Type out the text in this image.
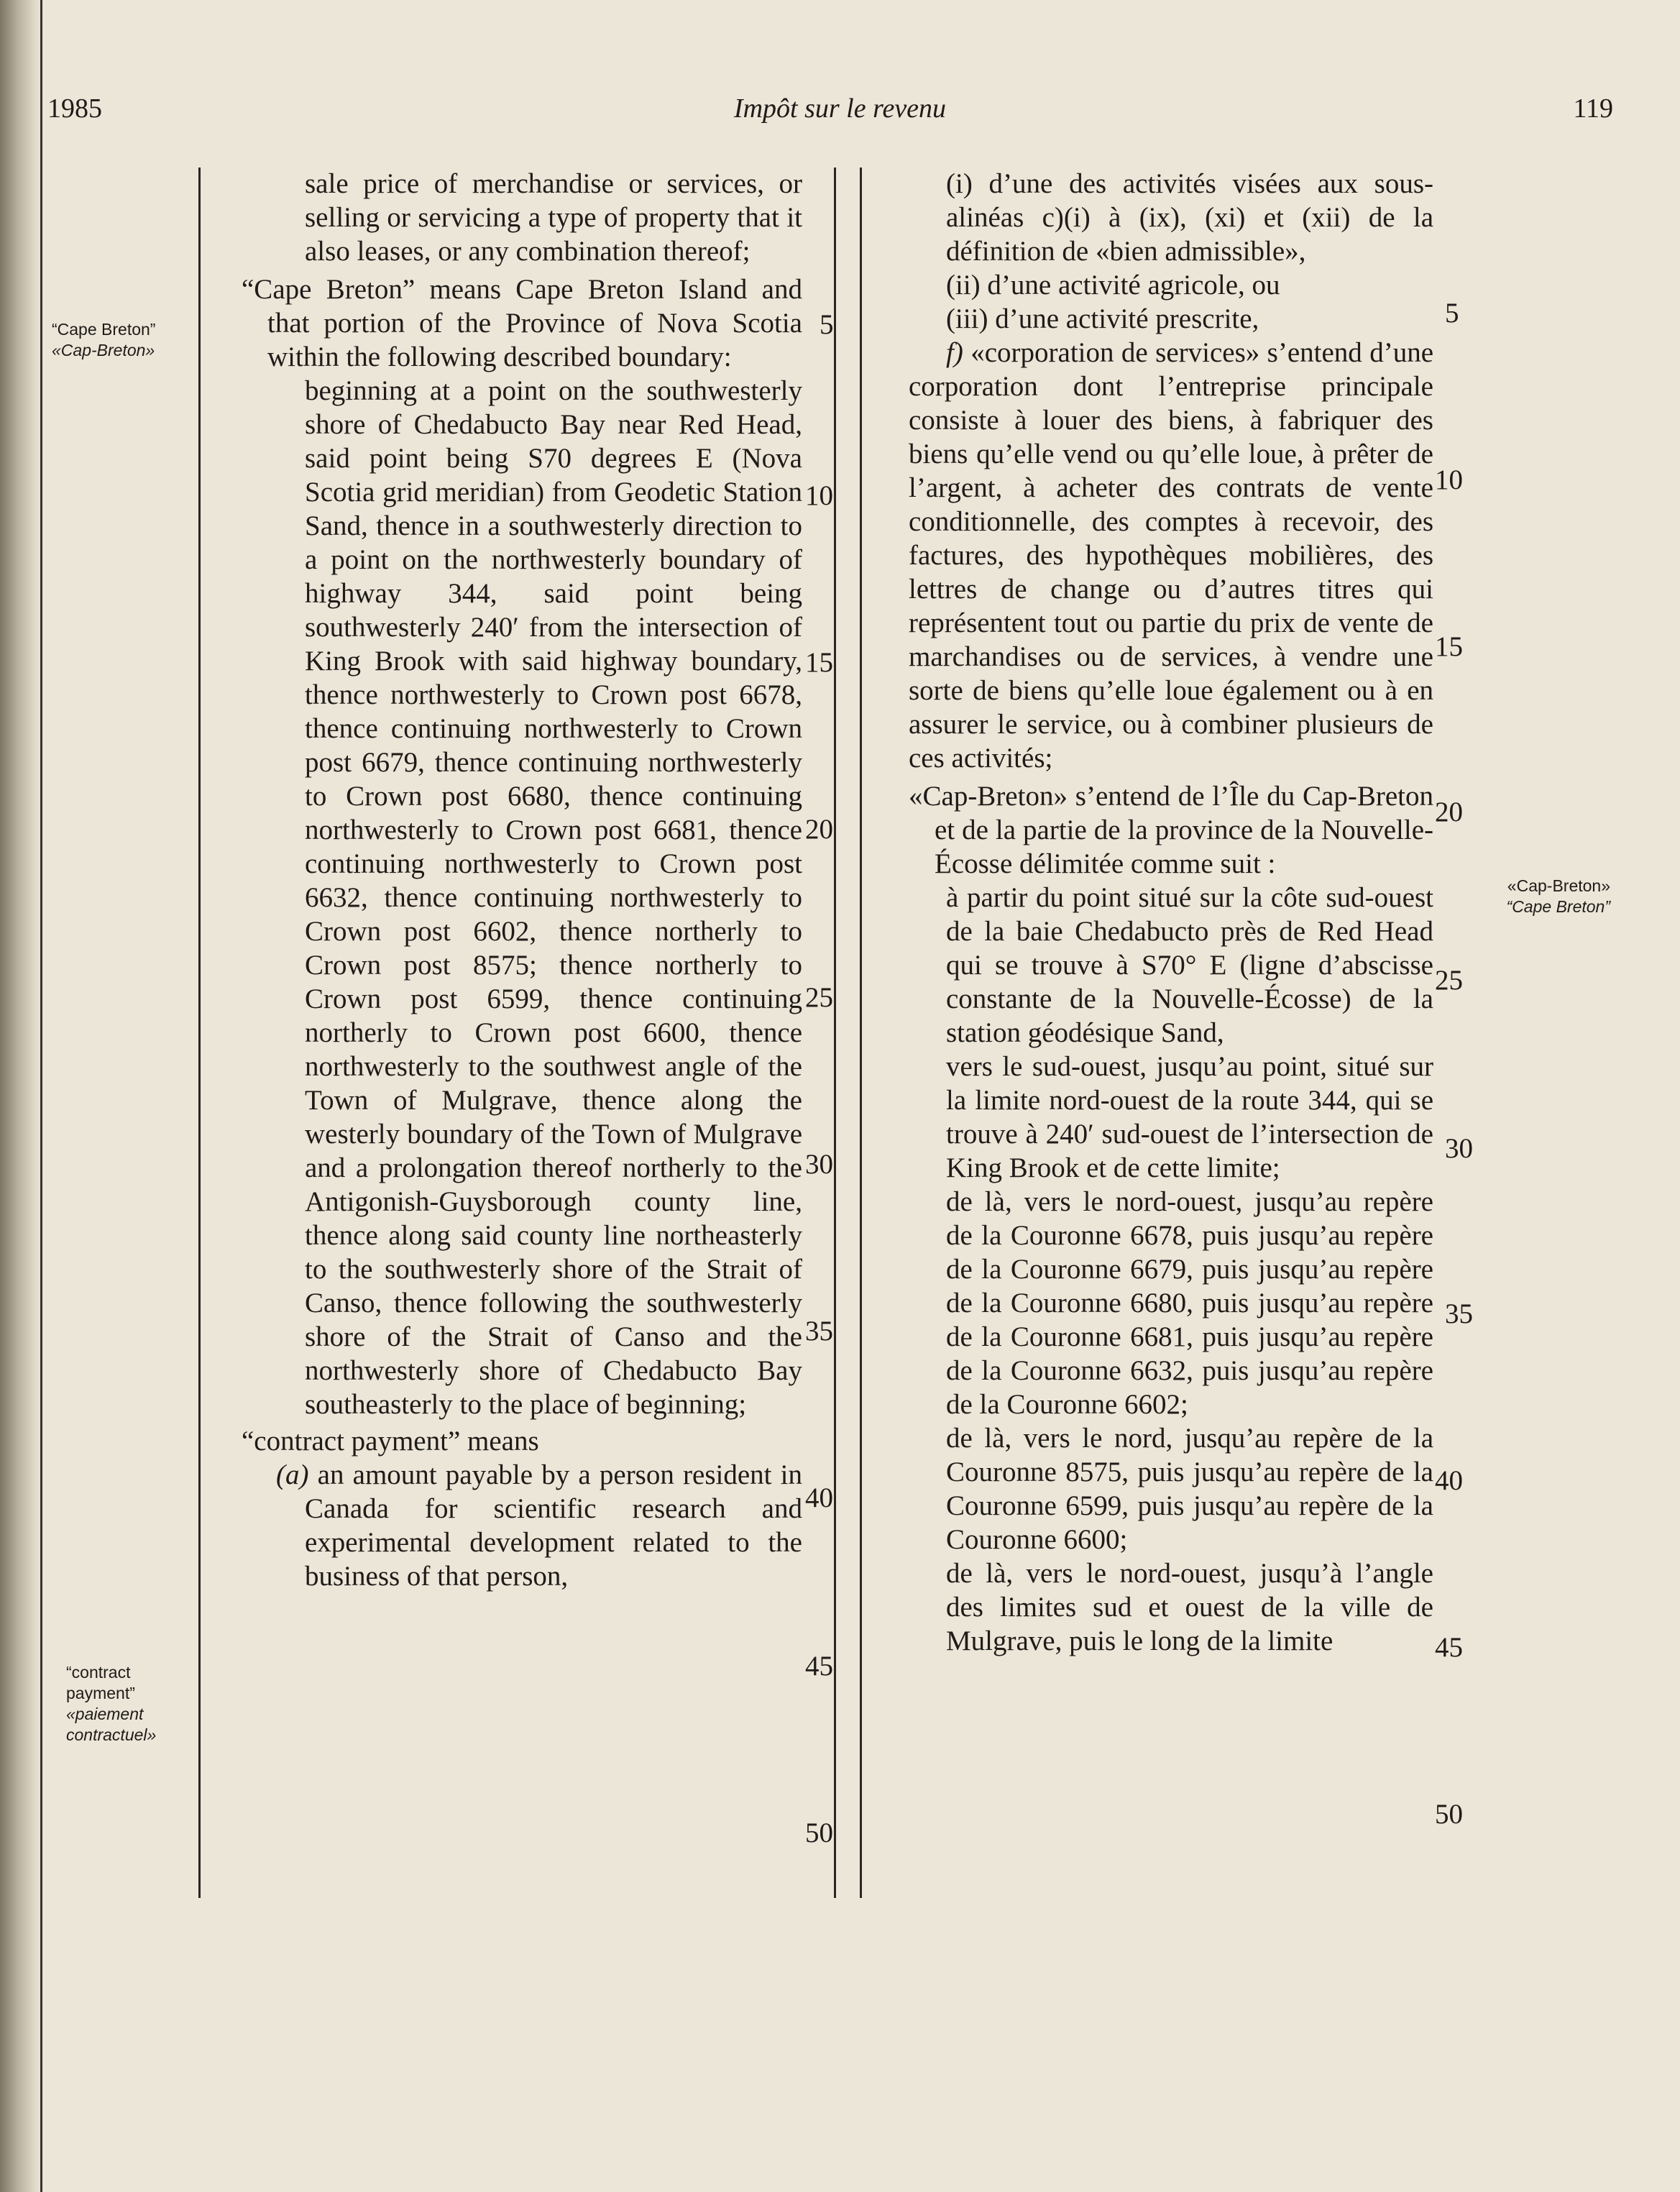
1985	Impôt sur le revenu	119
“Cape Breton”
«Cap-Breton»
“contract
payment”
«paiement
contractuel»
«Cap-Breton»
“Cape Breton”

sale price of merchandise or services, or selling or servicing a type of property that it also leases, or any combination thereof;

“Cape Breton” means Cape Breton Island and that portion of the Province of Nova Scotia within the following described boundary:

beginning at a point on the southwesterly shore of Chedabucto Bay near Red Head, said point being S70 degrees E (Nova Scotia grid meridian) from Geodetic Station Sand, thence in a southwesterly direction to a point on the northwesterly boundary of highway 344, said point being southwesterly 240′ from the intersection of King Brook with said highway boundary, thence northwesterly to Crown post 6678, thence continuing northwesterly to Crown post 6679, thence continuing northwesterly to Crown post 6680, thence continuing northwesterly to Crown post 6681, thence continuing northwesterly to Crown post 6632, thence continuing northwesterly to Crown post 6602, thence northerly to Crown post 8575; thence northerly to Crown post 6599, thence continuing northerly to Crown post 6600, thence northwesterly to the southwest angle of the Town of Mulgrave, thence along the westerly boundary of the Town of Mulgrave and a prolongation thereof northerly to the Antigonish-Guysborough county line, thence along said county line northeasterly to the southwesterly shore of the Strait of Canso, thence following the southwesterly shore of the Strait of Canso and the northwesterly shore of Chedabucto Bay southeasterly to the place of beginning;

“contract payment” means

(a) an amount payable by a person resident in Canada for scientific research and experimental development related to the business of that person,

5
10
15
20
25
30
35
40
45
50

(i) d’une des activités visées aux sous-alinéas c)(i) à (ix), (xi) et (xii) de la définition de «bien admissible»,

(ii) d’une activité agricole, ou

(iii) d’une activité prescrite,

f) «corporation de services» s’entend d’une corporation dont l’entreprise principale consiste à louer des biens, à fabriquer des biens qu’elle vend ou qu’elle loue, à prêter de l’argent, à acheter des contrats de vente conditionnelle, des comptes à recevoir, des factures, des hypothèques mobilières, des lettres de change ou d’autres titres qui représentent tout ou partie du prix de vente de marchandises ou de services, à vendre une sorte de biens qu’elle loue également ou à en assurer le service, ou à combiner plusieurs de ces activités;

«Cap-Breton» s’entend de l’Île du Cap-Breton et de la partie de la province de la Nouvelle-Écosse délimitée comme suit :

à partir du point situé sur la côte sud-ouest de la baie Chedabucto près de Red Head qui se trouve à S70° E (ligne d’abscisse constante de la Nouvelle-Écosse) de la station géodésique Sand,

vers le sud-ouest, jusqu’au point, situé sur la limite nord-ouest de la route 344, qui se trouve à 240′ sud-ouest de l’intersection de King Brook et de cette limite;

de là, vers le nord-ouest, jusqu’au repère de la Couronne 6678, puis jusqu’au repère de la Couronne 6679, puis jusqu’au repère de la Couronne 6680, puis jusqu’au repère de la Couronne 6681, puis jusqu’au repère de la Couronne 6632, puis jusqu’au repère de la Couronne 6602;

de là, vers le nord, jusqu’au repère de la Couronne 8575, puis jusqu’au repère de la Couronne 6599, puis jusqu’au repère de la Couronne 6600;

de là, vers le nord-ouest, jusqu’à l’angle des limites sud et ouest de la ville de Mulgrave, puis le long de la limite

5
10
15
20
25
30
35
40
45
50
